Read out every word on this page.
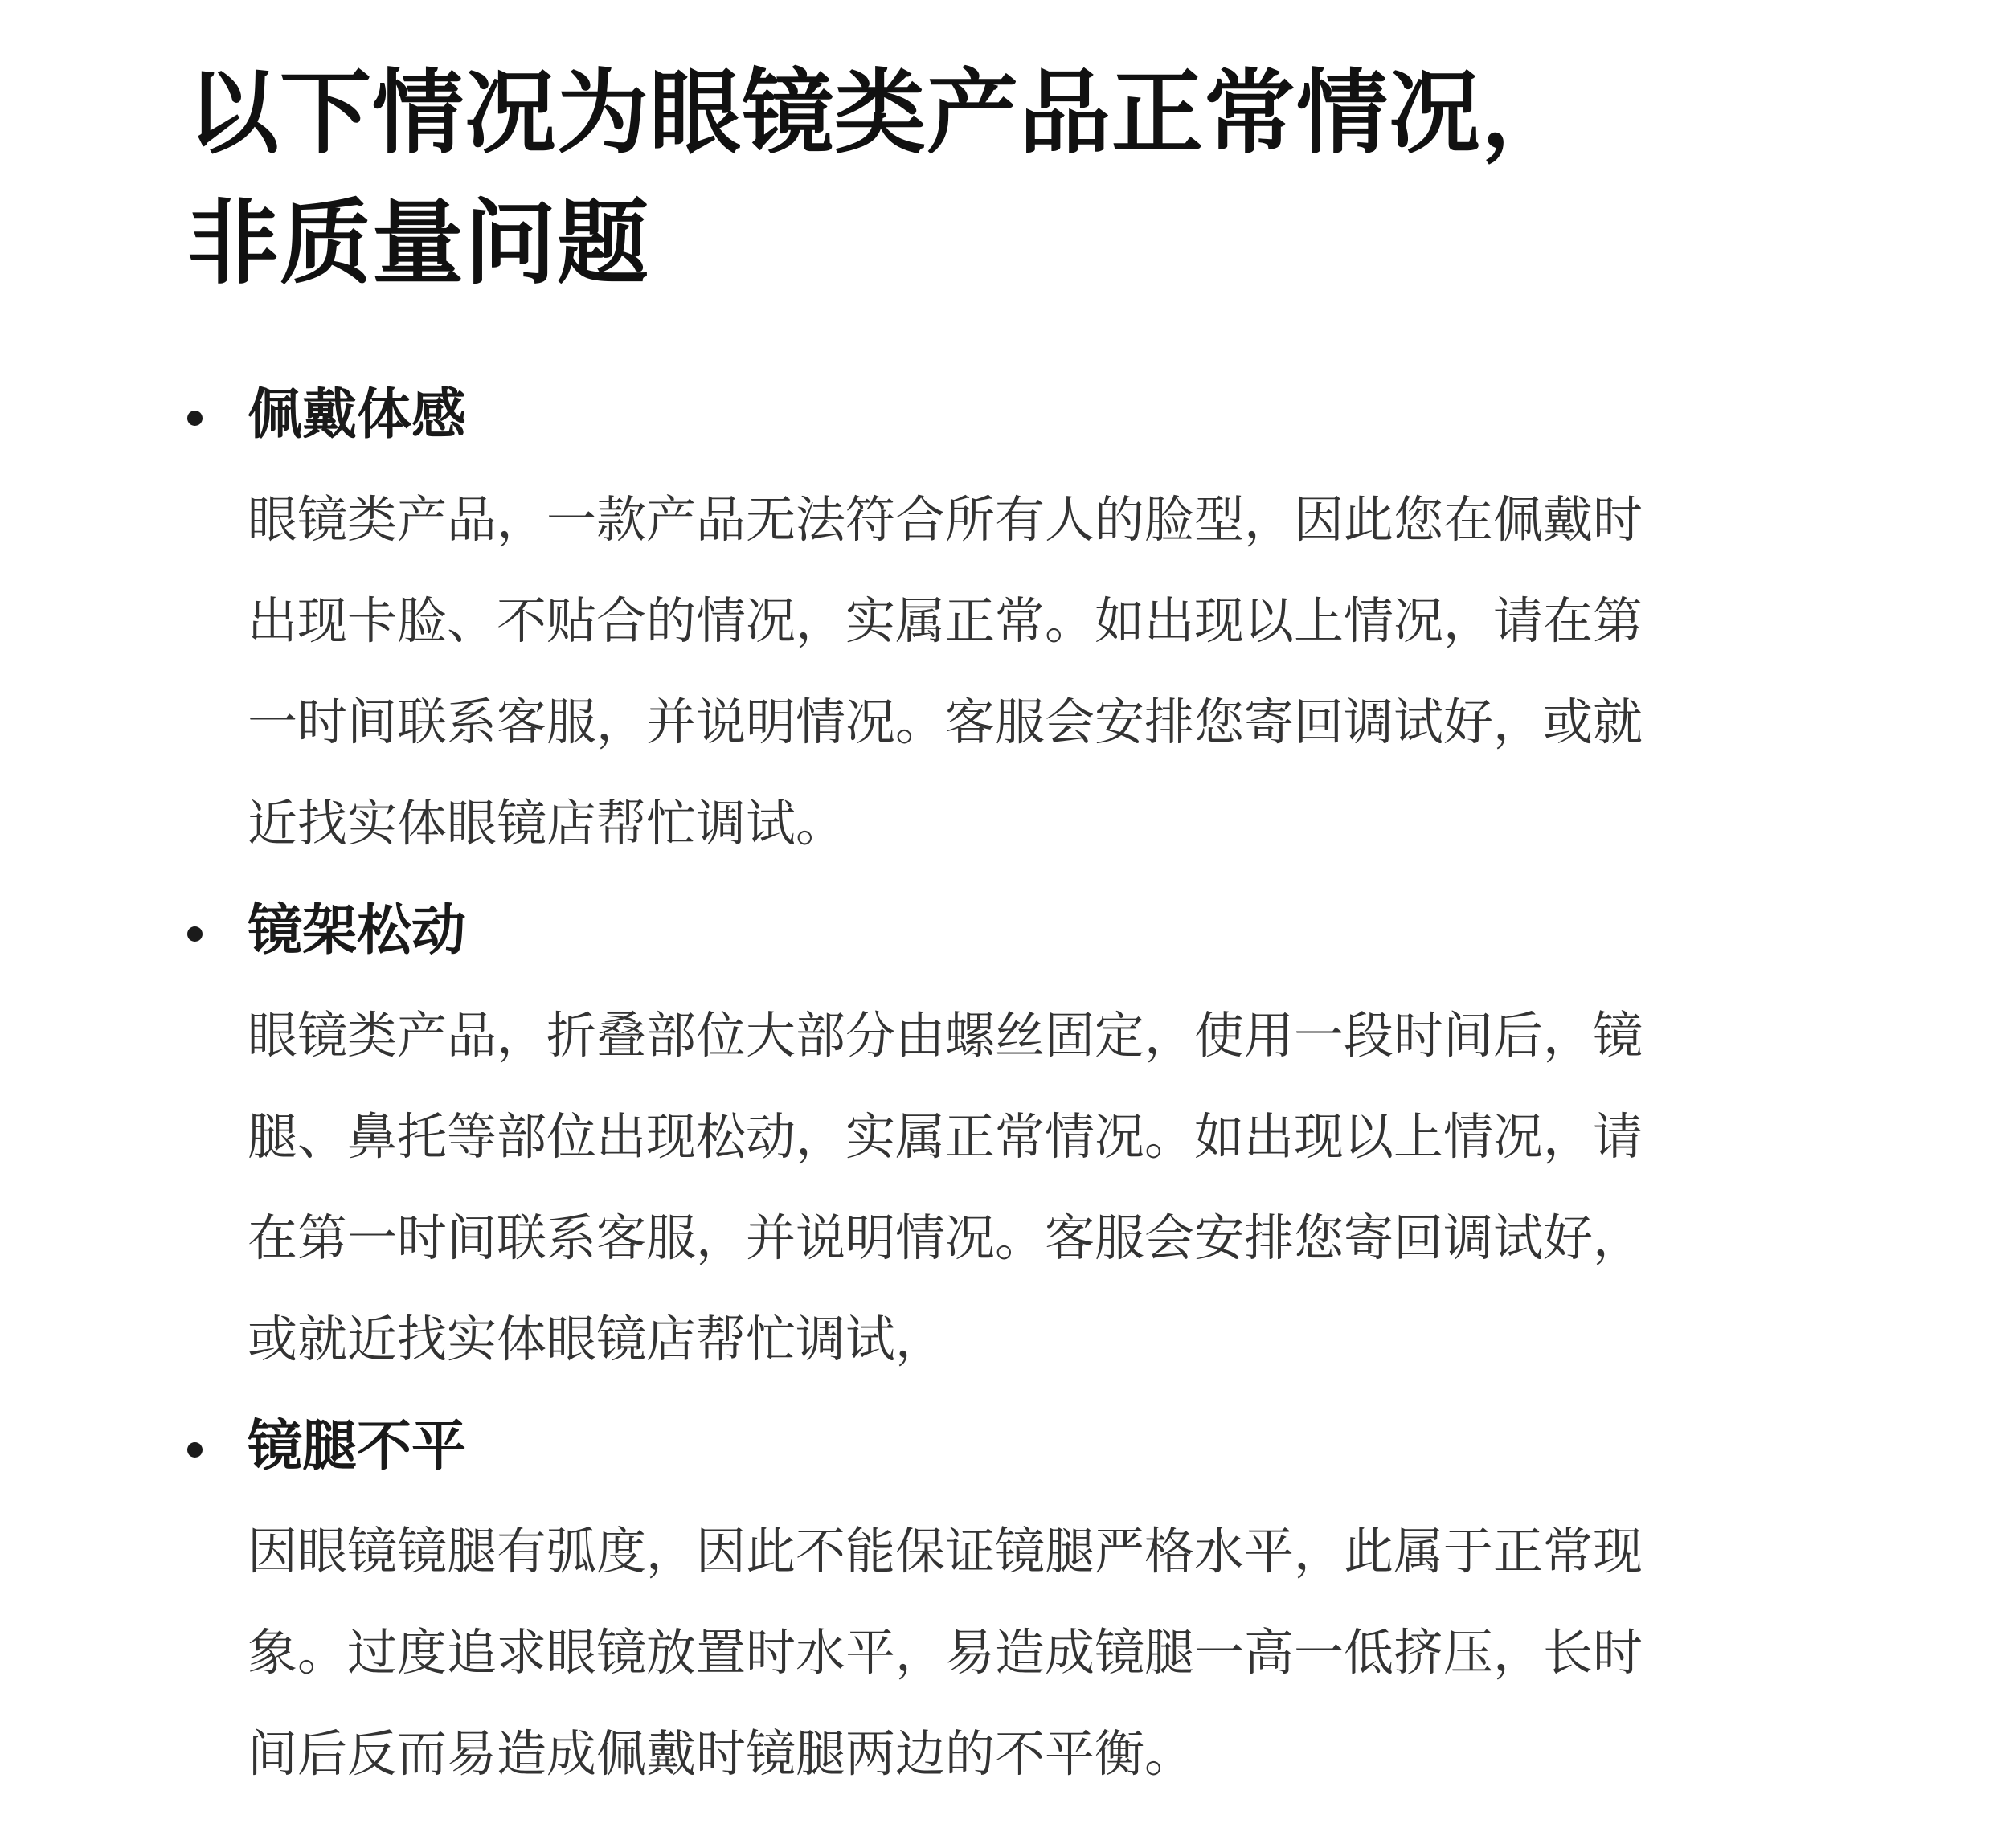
以下情况为眼镜类产品正常情况，
非质量问题
佩戴体感

眼镜类产品，一款产品无法符合所有人的脸型，因此您在佩戴时
出现卡脸、不贴合的情况，实属正常。如出现以上情况，请在第
一时间联系客服，并说明情况。客服会安排您寄回调试好，或就
近找实体眼镜店帮忙调试。

镜架松动

眼镜类产品，折叠部位大部分由螺丝固定，使用一段时间后，镜
腿、鼻托等部位出现松动，实属正常情况。如出现以上情况，请
在第一时间联系客服，并说明情况。客服会安排您寄回调试好，
或就近找实体眼镜店帮忙调试，

镜腿不平

因眼镜镜腿有弧度，因此不能保证镜腿严格水平，此属于正常现
象。过度追求眼镜放置时水平，易造成镜腿一高一低挤压，长时
间后反而易造成佩戴时镜腿两边的不平衡。
